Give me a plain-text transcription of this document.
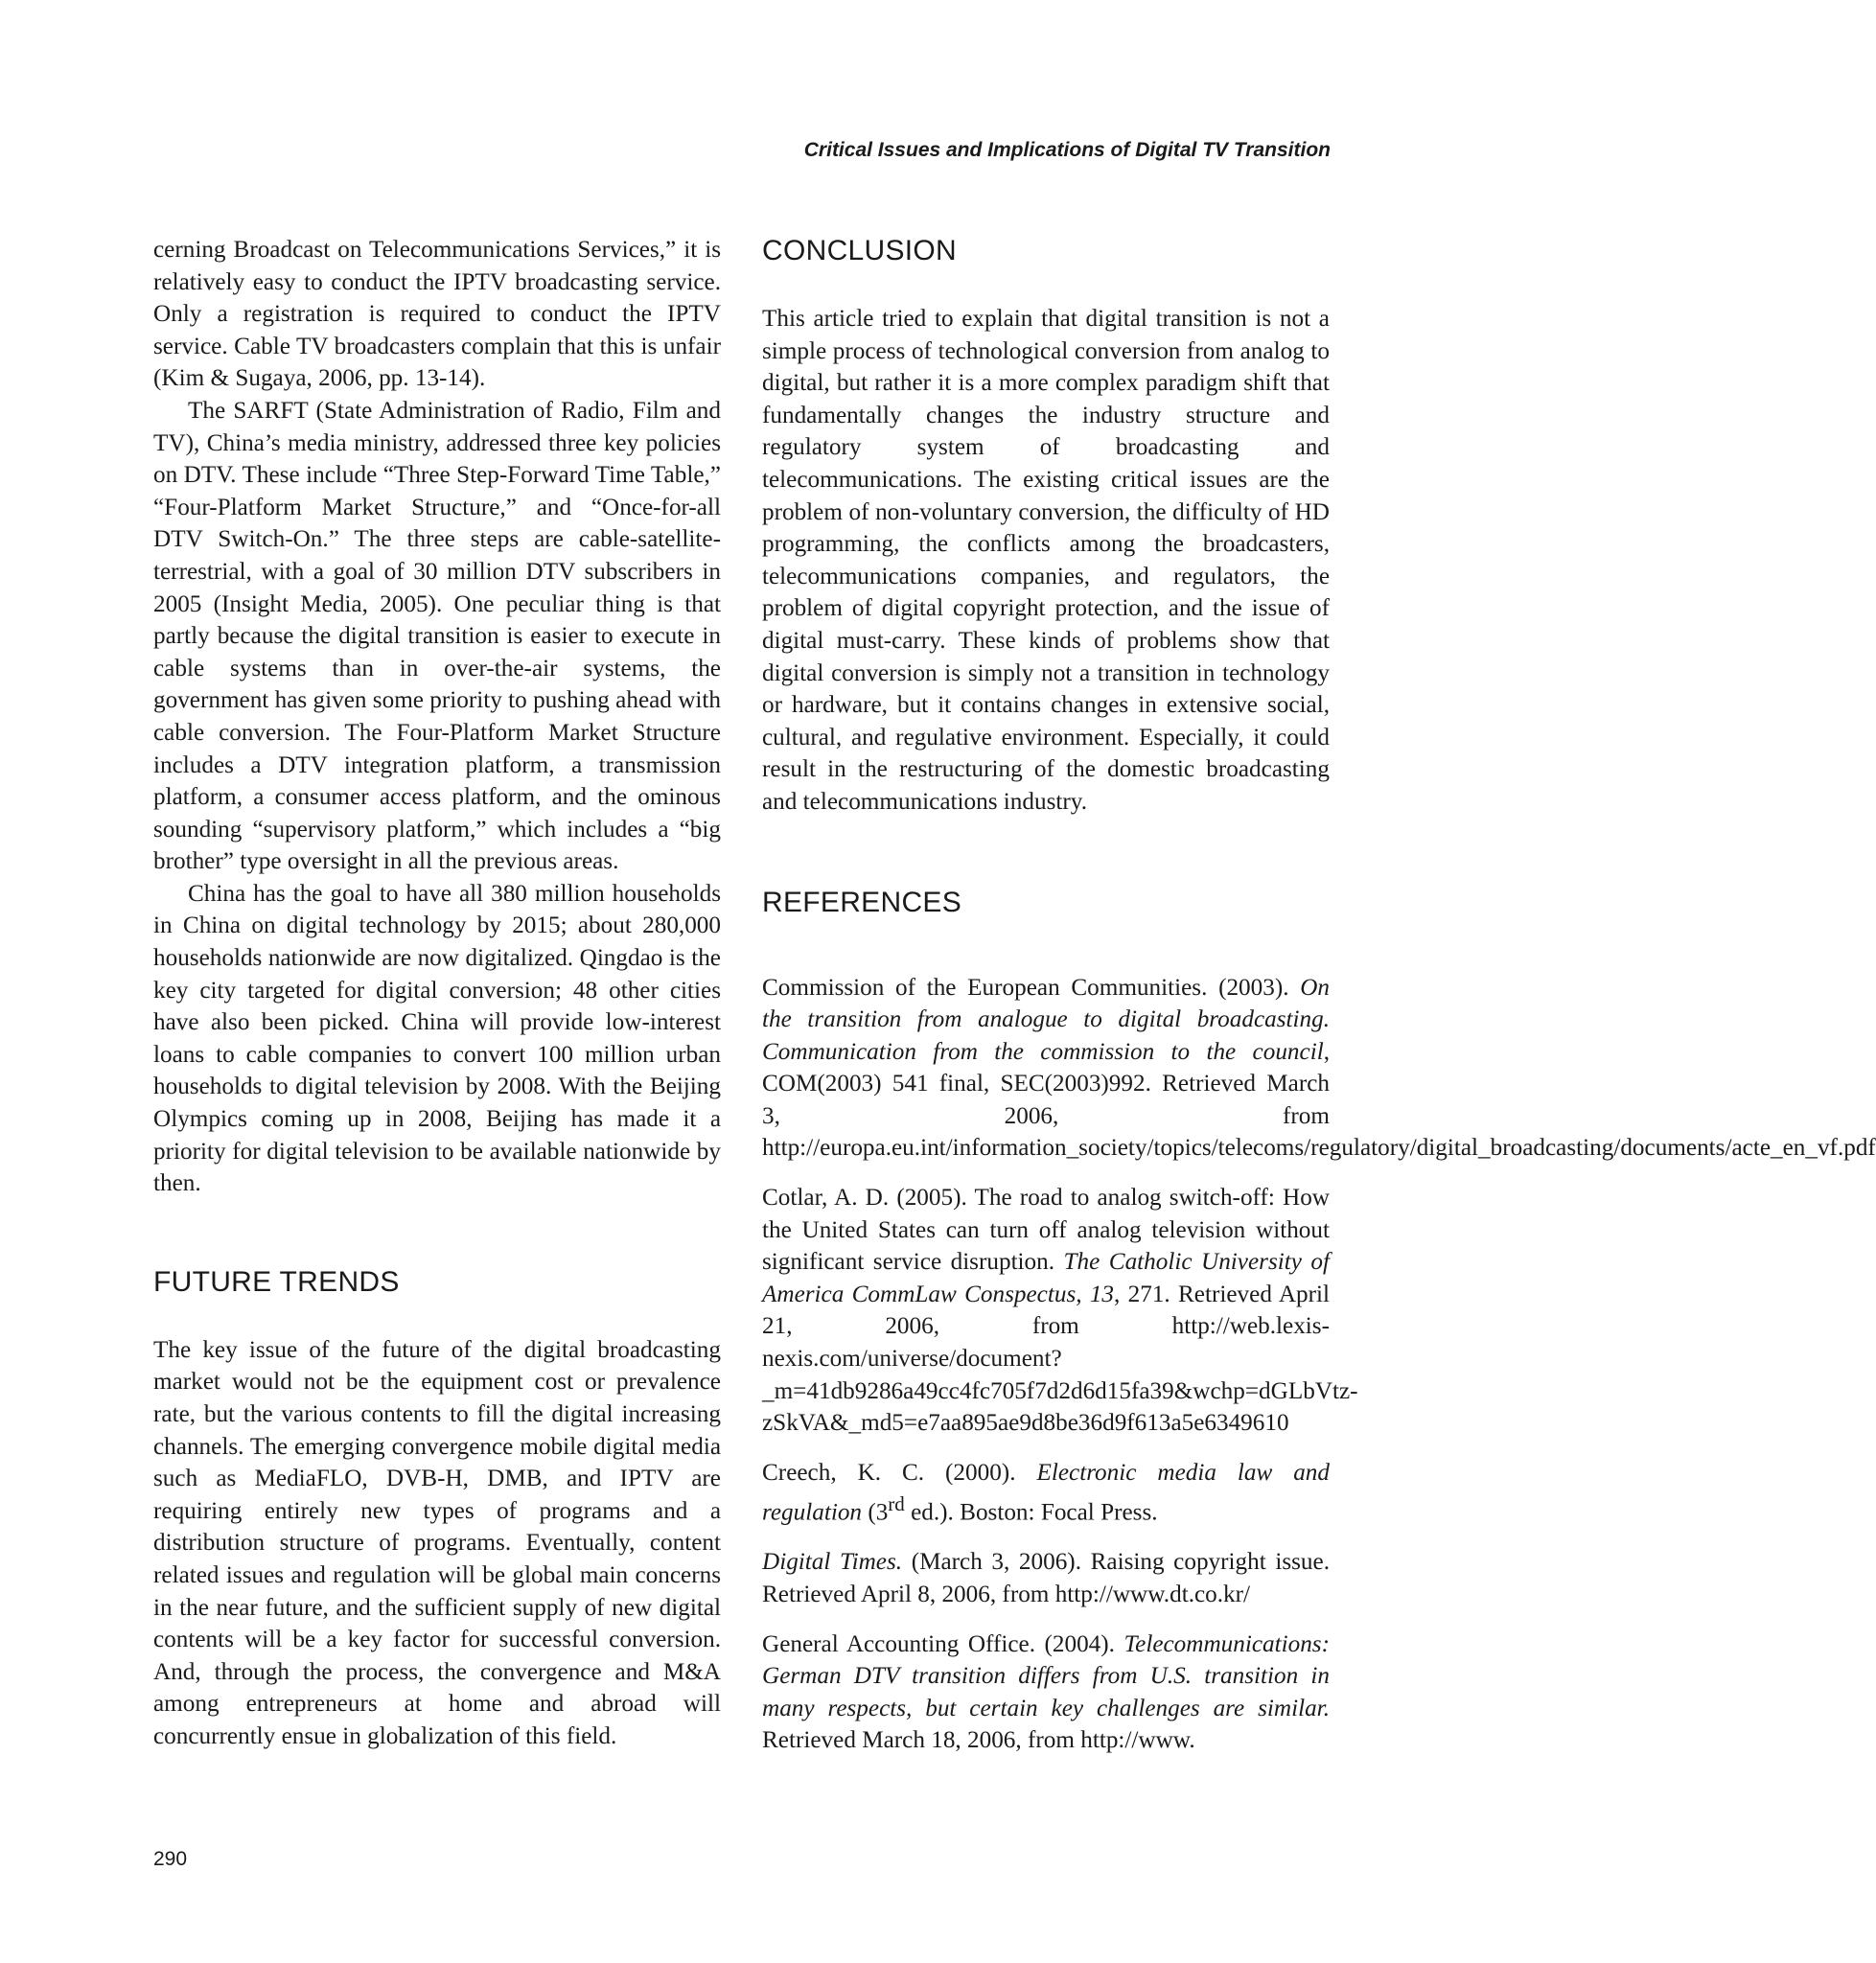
Critical Issues and Implications of Digital TV Transition

cerning Broadcast on Telecommunications Services,” it is relatively easy to conduct the IPTV broadcasting service. Only a registration is required to conduct the IPTV service. Cable TV broadcasters complain that this is unfair (Kim & Sugaya, 2006, pp. 13-14).

The SARFT (State Administration of Radio, Film and TV), China’s media ministry, addressed three key policies on DTV. These include “Three Step-Forward Time Table,” “Four-Platform Market Structure,” and “Once-for-all DTV Switch-On.” The three steps are cable-satellite-terrestrial, with a goal of 30 million DTV subscribers in 2005 (Insight Media, 2005). One peculiar thing is that partly because the digital transition is easier to execute in cable systems than in over-the-air systems, the government has given some priority to pushing ahead with cable conversion. The Four-Platform Market Structure includes a DTV integration platform, a transmission platform, a consumer access platform, and the ominous sounding “supervisory platform,” which includes a “big brother” type oversight in all the previous areas.

China has the goal to have all 380 million households in China on digital technology by 2015; about 280,000 households nationwide are now digitalized. Qingdao is the key city targeted for digital conversion; 48 other cities have also been picked. China will provide low-interest loans to cable companies to convert 100 million urban households to digital television by 2008. With the Beijing Olympics coming up in 2008, Beijing has made it a priority for digital television to be available nationwide by then.

FUTURE TRENDS

The key issue of the future of the digital broadcasting market would not be the equipment cost or prevalence rate, but the various contents to fill the digital increasing channels. The emerging convergence mobile digital media such as MediaFLO, DVB-H, DMB, and IPTV are requiring entirely new types of programs and a distribution structure of programs. Eventually, content related issues and regulation will be global main concerns in the near future, and the sufficient supply of new digital contents will be a key factor for successful conversion. And, through the process, the convergence and M&A among entrepreneurs at home and abroad will concurrently ensue in globalization of this field.

CONCLUSION

This article tried to explain that digital transition is not a simple process of technological conversion from analog to digital, but rather it is a more complex paradigm shift that fundamentally changes the industry structure and regulatory system of broadcasting and telecommunications. The existing critical issues are the problem of non-voluntary conversion, the difficulty of HD programming, the conflicts among the broadcasters, telecommunications companies, and regulators, the problem of digital copyright protection, and the issue of digital must-carry. These kinds of problems show that digital conversion is simply not a transition in technology or hardware, but it contains changes in extensive social, cultural, and regulative environment. Especially, it could result in the restructuring of the domestic broadcasting and telecommunications industry.

REFERENCES

Commission of the European Communities. (2003). On the transition from analogue to digital broadcasting. Communication from the commission to the council, COM(2003) 541 final, SEC(2003)992. Retrieved March 3, 2006, from http://europa.eu.int/information_society/topics/telecoms/regulatory/digital_broadcasting/documents/acte_en_vf.pdf

Cotlar, A. D. (2005). The road to analog switch-off: How the United States can turn off analog television without significant service disruption. The Catholic University of America CommLaw Conspectus, 13, 271. Retrieved April 21, 2006, from http://web.lexis-nexis.com/universe/document?_m=41db9286a49cc4fc705f7d2d6d15fa39&wchp=dGLbVtz-zSkVA&_md5=e7aa895ae9d8be36d9f613a5e6349610

Creech, K. C. (2000). Electronic media law and regulation (3rd ed.). Boston: Focal Press.

Digital Times. (March 3, 2006). Raising copyright issue. Retrieved April 8, 2006, from http://www.dt.co.kr/

General Accounting Office. (2004). Telecommunications: German DTV transition differs from U.S. transition in many respects, but certain key challenges are similar. Retrieved March 18, 2006, from http://www.

290
